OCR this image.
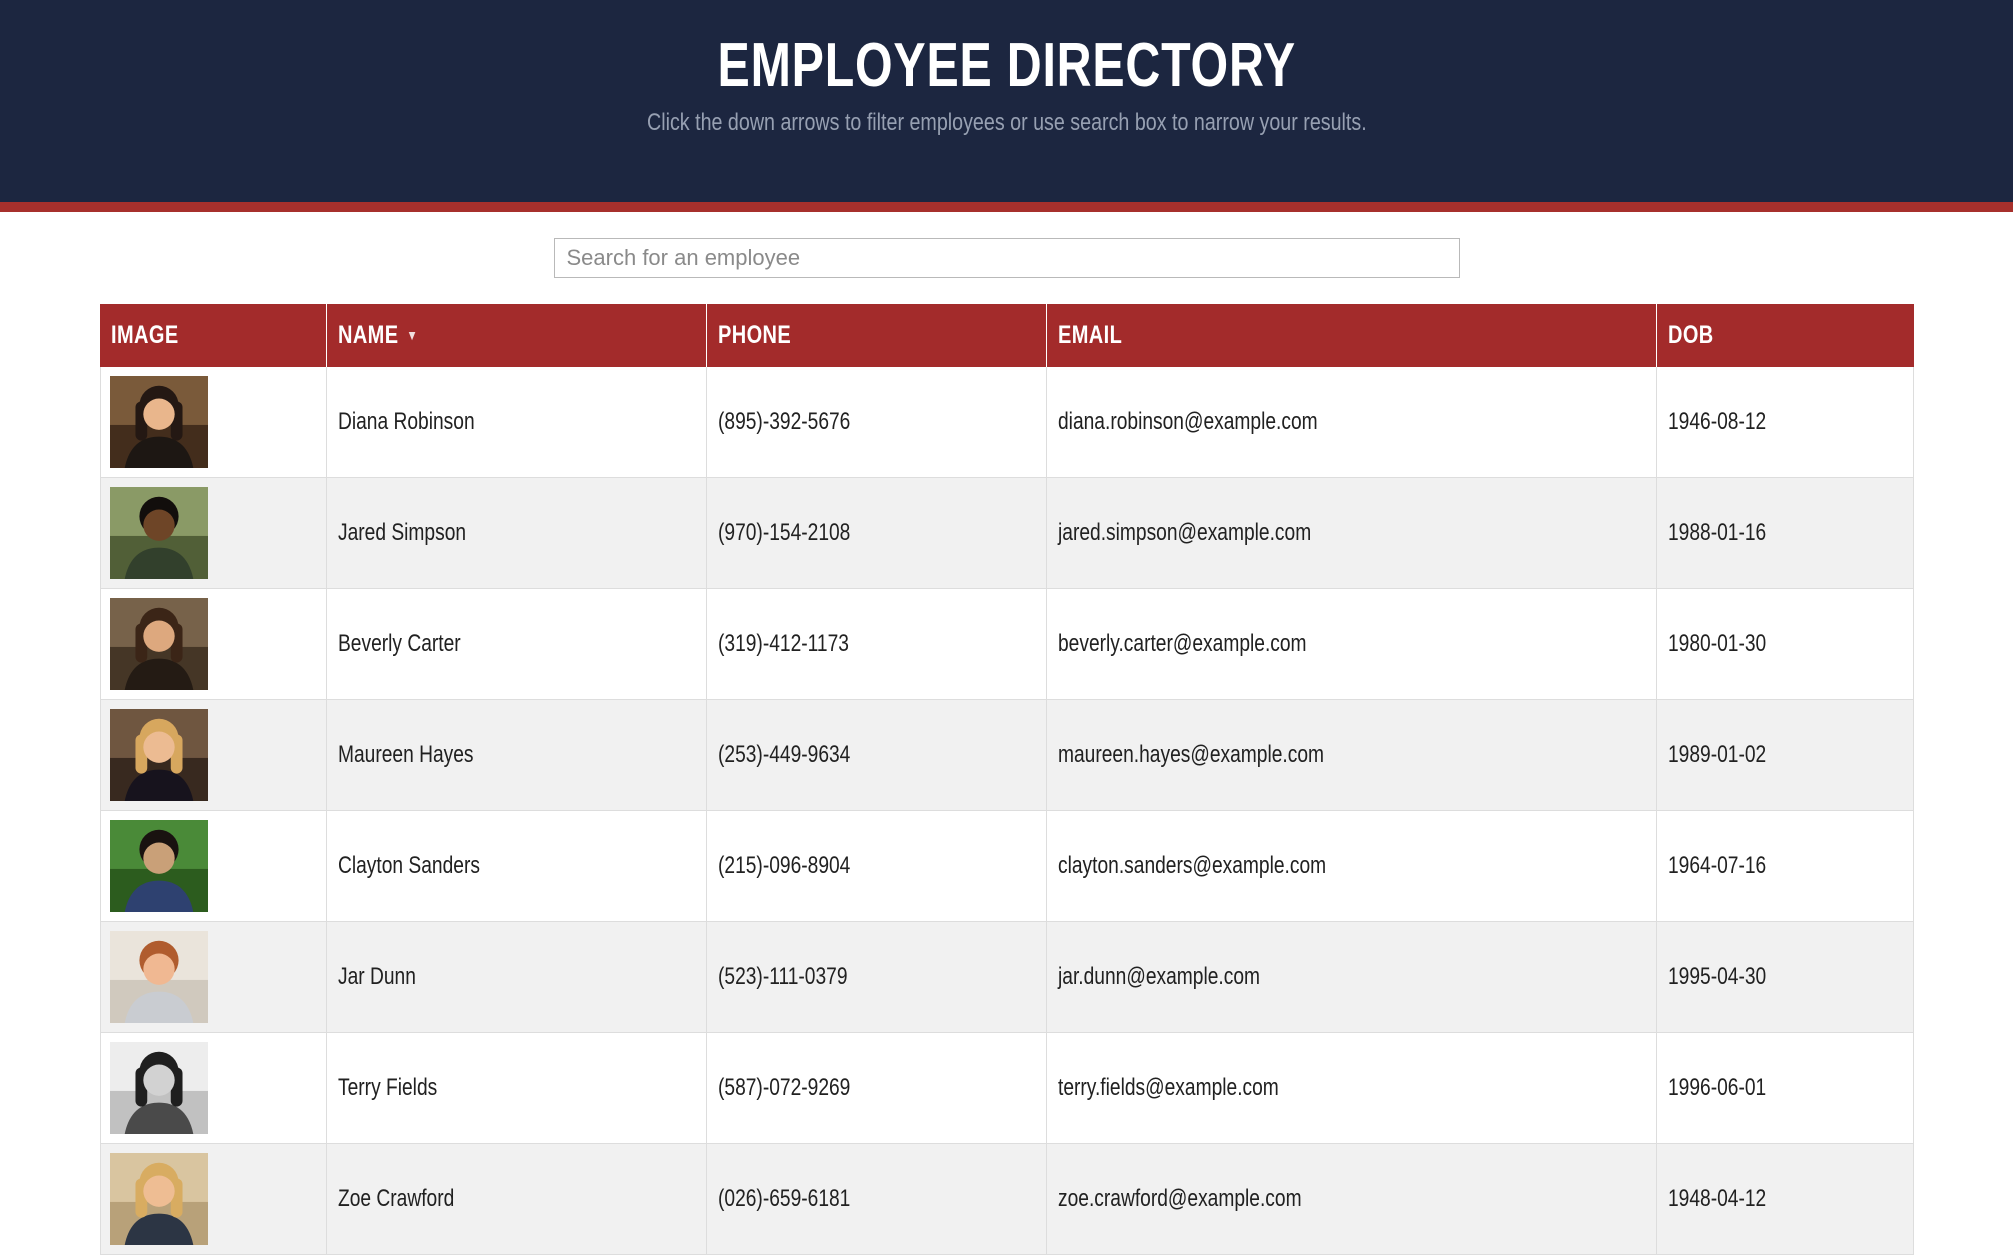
EMPLOYEE DIRECTORY

Click the down arrows to filter employees or use search box to narrow your results.

Search for an employee
IMAGE	NAME ▼	PHONE	EMAIL	DOB

	Diana Robinson	(895)-392-5676	diana.robinson@example.com	1946-08-12

	Jared Simpson	(970)-154-2108	jared.simpson@example.com	1988-01-16

	Beverly Carter	(319)-412-1173	beverly.carter@example.com	1980-01-30

	Maureen Hayes	(253)-449-9634	maureen.hayes@example.com	1989-01-02

	Clayton Sanders	(215)-096-8904	clayton.sanders@example.com	1964-07-16

	Jar Dunn	(523)-111-0379	jar.dunn@example.com	1995-04-30

	Terry Fields	(587)-072-9269	terry.fields@example.com	1996-06-01

	Zoe Crawford	(026)-659-6181	zoe.crawford@example.com	1948-04-12
